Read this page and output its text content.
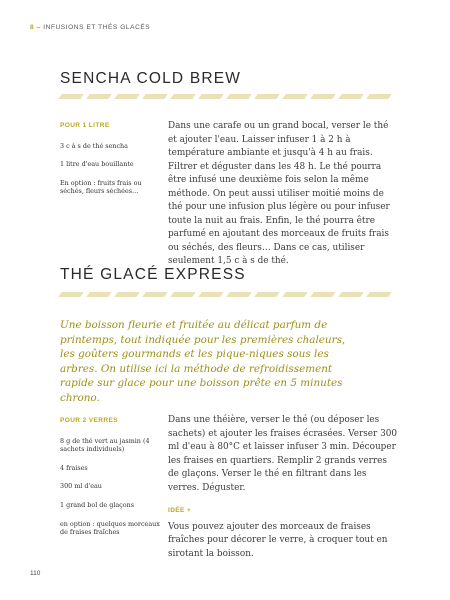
8 – INFUSIONS ET THÉS GLACÉS
SENCHA COLD BREW
POUR 1 LITRE

3 c à s de thé sencha

1 litre d'eau bouillante

En option : fruits frais ou séchés, fleurs séchées…

Dans une carafe ou un grand bocal, verser le thé et ajouter l'eau. Laisser infuser 1 à 2 h à température ambiante et jusqu'à 4 h au frais. Filtrer et déguster dans les 48 h. Le thé pourra être infusé une deuxième fois selon la même méthode. On peut aussi utiliser moitié moins de thé pour une infusion plus légère ou pour infuser toute la nuit au frais. Enfin, le thé pourra être parfumé en ajoutant des morceaux de fruits frais ou séchés, des fleurs… Dans ce cas, utiliser seulement 1,5 c à s de thé.

THÉ GLACÉ EXPRESS
Une boisson fleurie et fruitée au délicat parfum de printemps, tout indiquée pour les premières chaleurs, les goûters gourmands et les pique-niques sous les arbres. On utilise ici la méthode de refroidissement rapide sur glace pour une boisson prête en 5 minutes chrono.
POUR 2 VERRES

8 g de thé vert au jasmin (4 sachets individuels)

4 fraises

300 ml d'eau

1 grand bol de glaçons

en option : quelques morceaux de fraises fraîches

Dans une théière, verser le thé (ou déposer les sachets) et ajouter les fraises écrasées. Verser 300 ml d'eau à 80°C et laisser infuser 3 min. Découper les fraises en quartiers. Remplir 2 grands verres de glaçons. Verser le thé en filtrant dans les verres. Déguster.

IDÉE +

Vous pouvez ajouter des morceaux de fraises fraîches pour décorer le verre, à croquer tout en sirotant la boisson.

110
